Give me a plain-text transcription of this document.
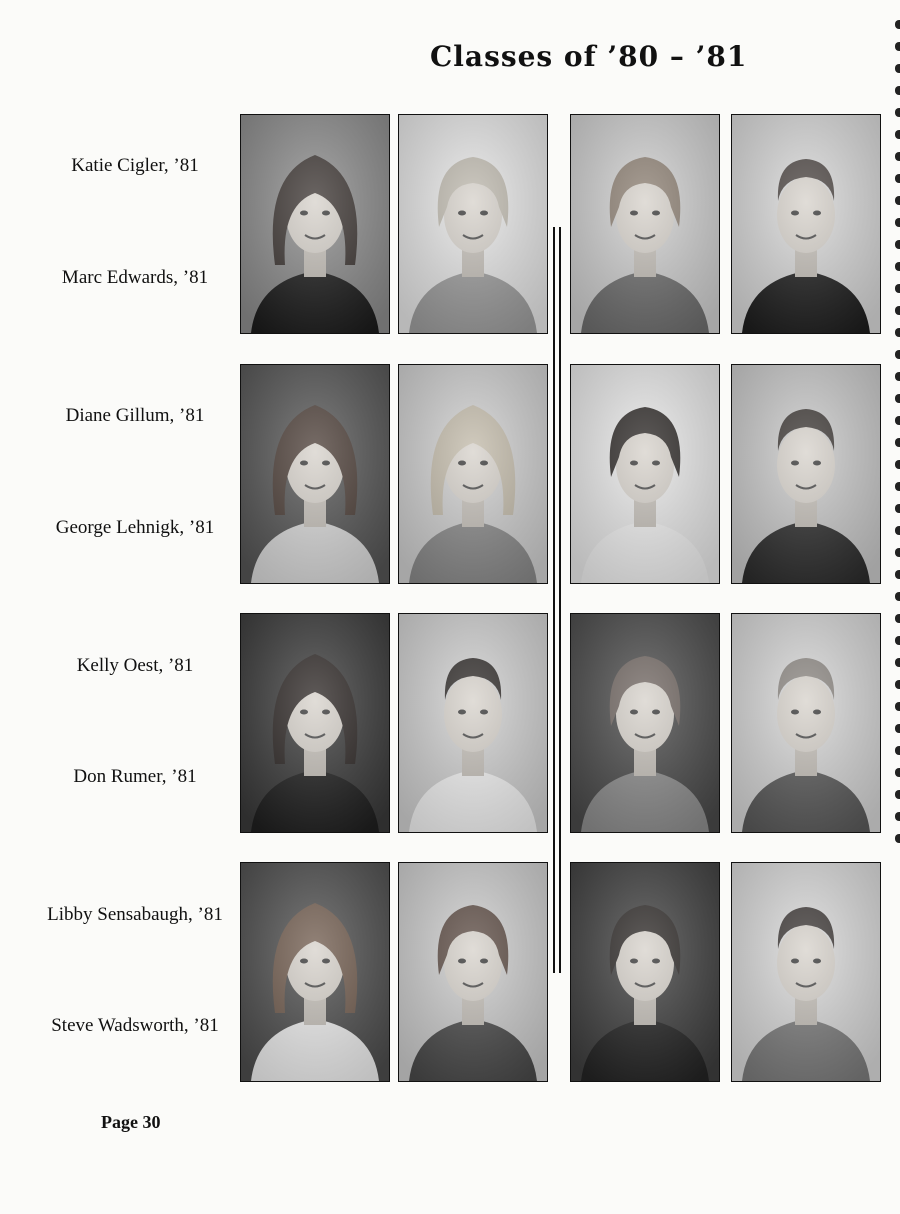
Classes of ’80 – ’81
Katie Cigler, ’81
Marc Edwards, ’81
Diane Gillum, ’81
George Lehnigk, ’81
Kelly Oest, ’81
Don Rumer, ’81
Libby Sensabaugh, ’81
Steve Wadsworth, ’81
Page 30
